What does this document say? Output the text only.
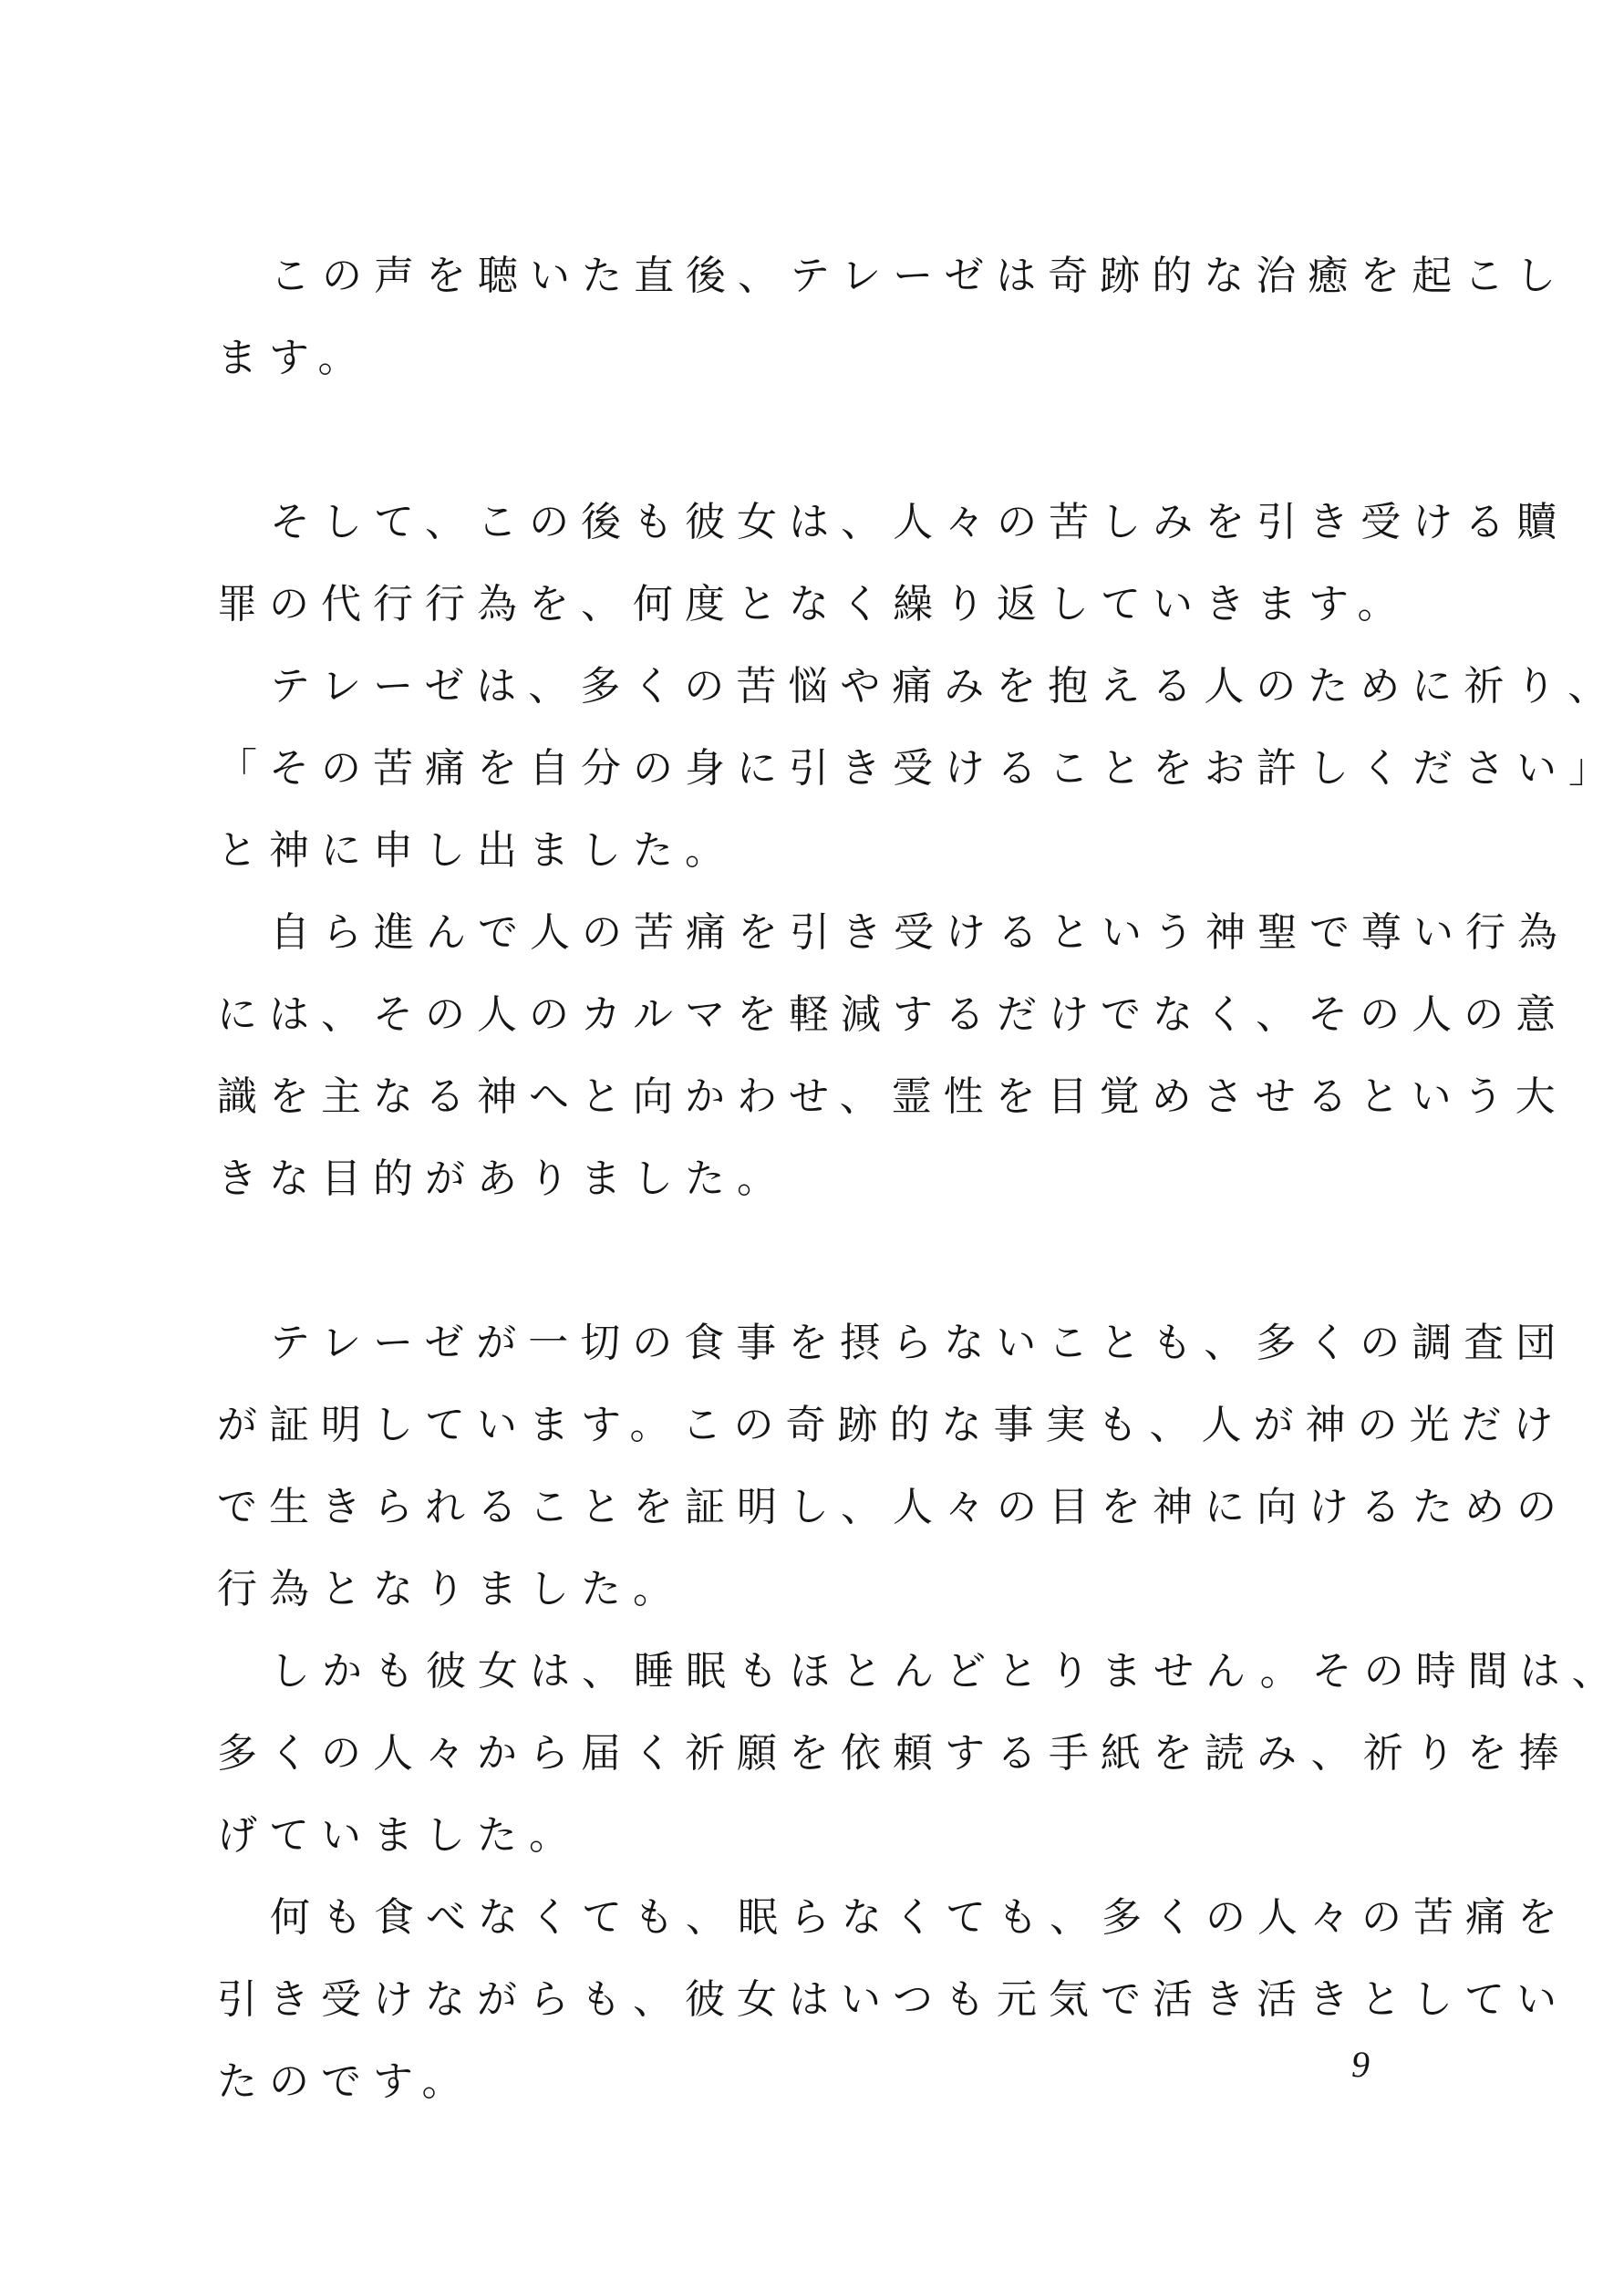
この声を聴いた直後、テレーゼは奇跡的な治癒を起こし
ます。
そして、この後も彼女は、人々の苦しみを引き受ける贖
罪の代行行為を、何度となく繰り返していきます。
テレーゼは、多くの苦悩や痛みを抱える人のために祈り、
「その苦痛を自分の身に引き受けることをお許しください」
と神に申し出ました。
自ら進んで人の苦痛を引き受けるという神聖で尊い行為
には、その人のカルマを軽減するだけでなく、その人の意
識を主なる神へと向かわせ、霊性を目覚めさせるという大
きな目的がありました。
テレーゼが一切の食事を摂らないことも、多くの調査団
が証明しています。この奇跡的な事実も、人が神の光だけ
で生きられることを証明し、人々の目を神に向けるための
行為となりました。
しかも彼女は、睡眠もほとんどとりません。その時間は、
多くの人々から届く祈願を依頼する手紙を読み、祈りを捧
げていました。
何も食べなくても、眠らなくても、多くの人々の苦痛を
引き受けながらも、彼女はいつも元気で活き活きとしてい
たのです。	9
